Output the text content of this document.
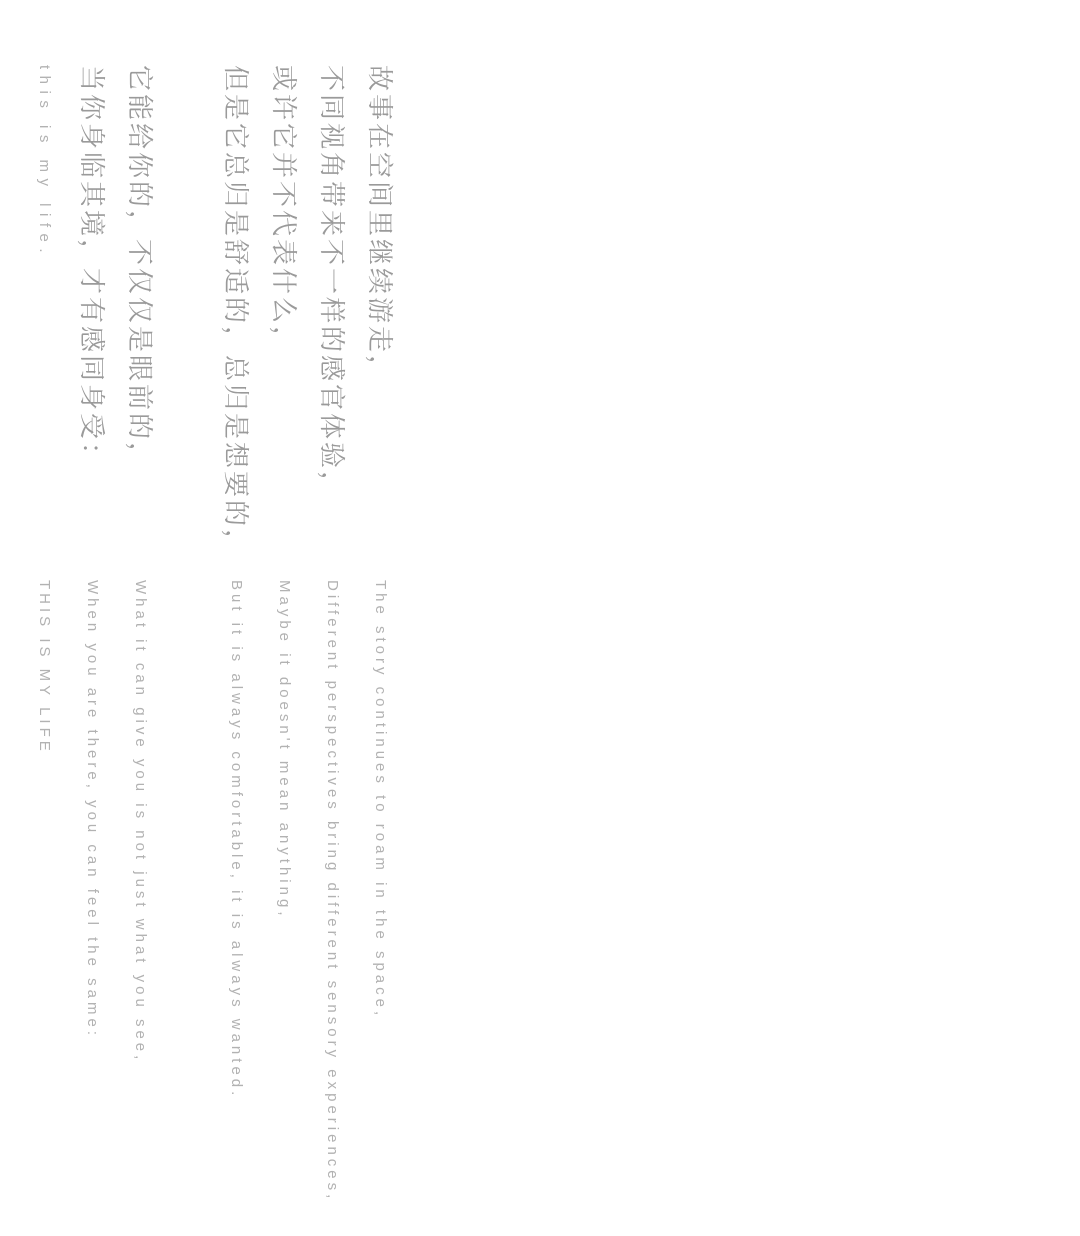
故事在空间里继续游走，
The story continues to roam in the space,
不同视角带来不一样的感官体验，
Different perspectives bring different sensory experiences,
或许它并不代表什么，
Maybe it doesn't mean anything,
但是它总归是舒适的，总归是想要的，
But it is always comfortable, it is always wanted.
它能给你的，不仅仅是眼前的，
What it can give you is not just what you see,
当你身临其境，才有感同身受：
When you are there, you can feel the same:
this is my life.
THIS IS MY LIFE
